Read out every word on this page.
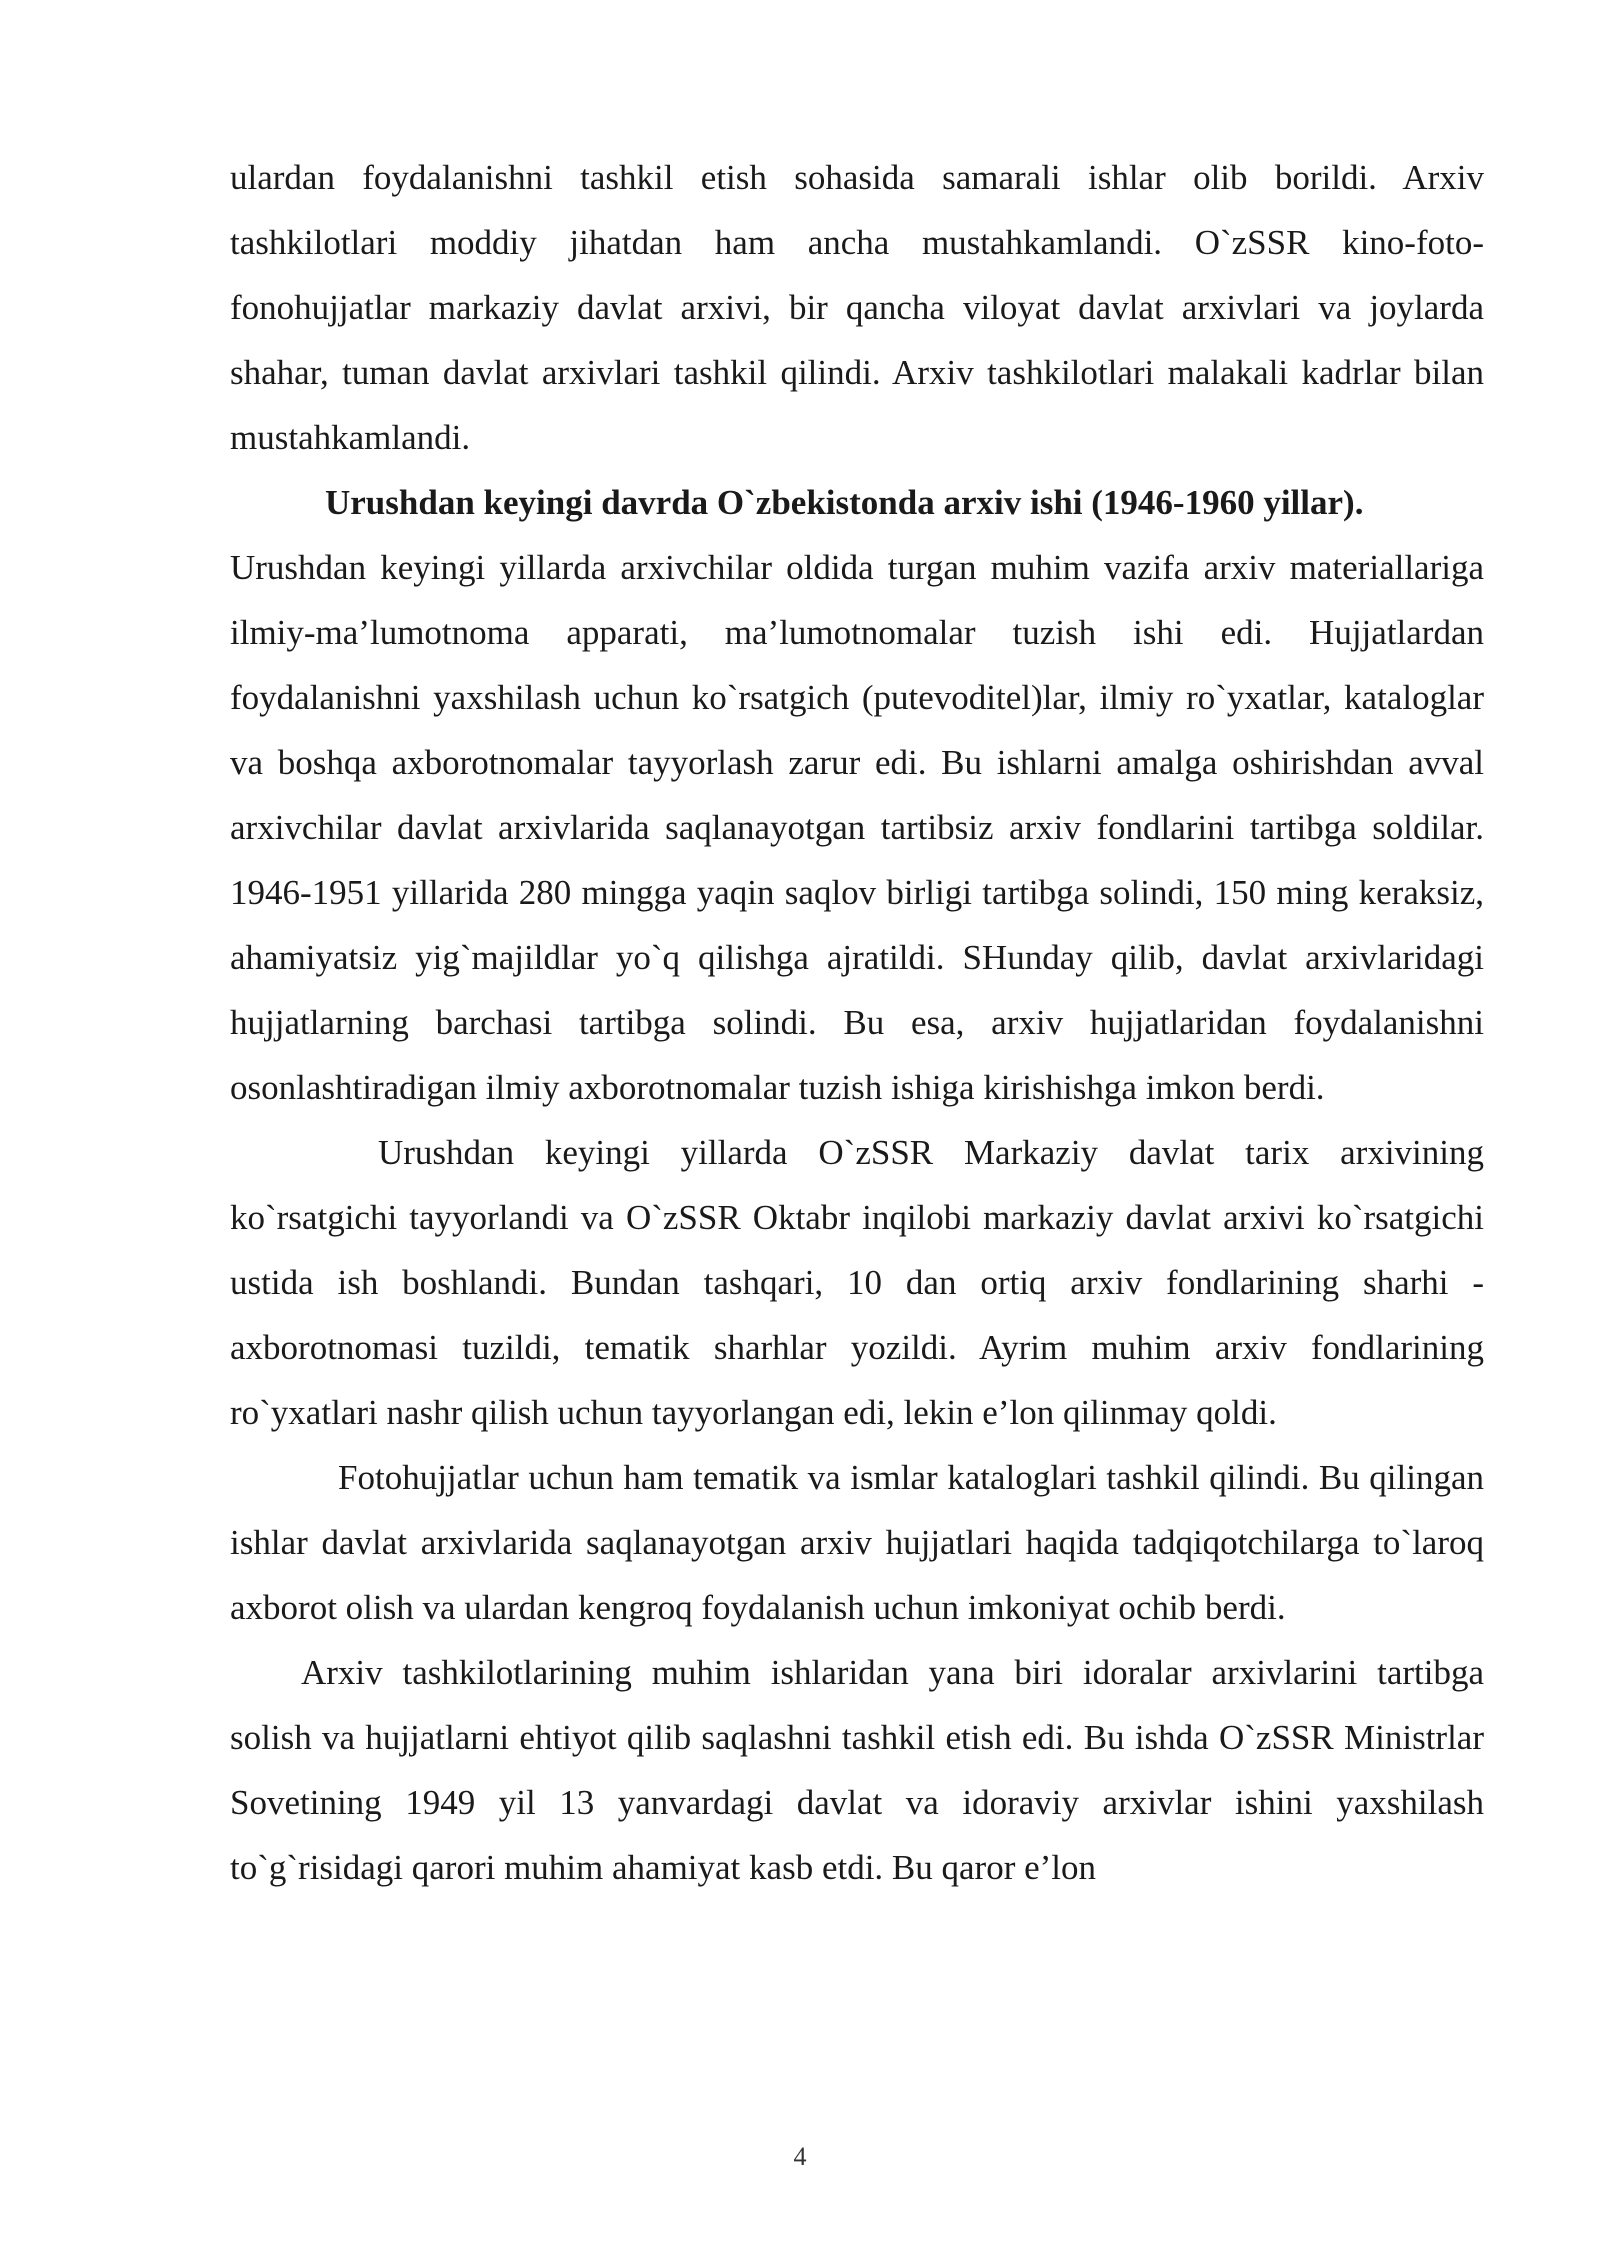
ulardan foydalanishni tashkil etish sohasida samarali ishlar olib borildi. Arxiv tashkilotlari moddiy jihatdan ham ancha mustahkamlandi. O`zSSR kino-foto-fonohujjatlar markaziy davlat arxivi, bir qancha viloyat davlat arxivlari va joylarda shahar, tuman davlat arxivlari tashkil qilindi. Arxiv tashkilotlari malakali kadrlar bilan mustahkamlandi.

Urushdan keyingi davrda O`zbekistonda arxiv ishi (1946-1960 yillar).

Urushdan keyingi yillarda arxivchilar oldida turgan muhim vazifa arxiv materiallariga ilmiy-ma’lumotnoma apparati, ma’lumotnomalar tuzish ishi edi. Hujjatlardan foydalanishni yaxshilash uchun ko`rsatgich (putevoditel)lar, ilmiy ro`yxatlar, kataloglar va boshqa axborotnomalar tayyorlash zarur edi. Bu ishlarni amalga oshirishdan avval arxivchilar davlat arxivlarida saqlanayotgan tartibsiz arxiv fondlarini tartibga soldilar. 1946-1951 yillarida 280 mingga yaqin saqlov birligi tartibga solindi, 150 ming keraksiz, ahamiyatsiz yig`majildlar yo`q qilishga ajratildi. SHunday qilib, davlat arxivlaridagi hujjatlarning barchasi tartibga solindi. Bu esa, arxiv hujjatlaridan foydalanishni osonlashtiradigan ilmiy axborotnomalar tuzish ishiga kirishishga imkon berdi.

Urushdan keyingi yillarda O`zSSR Markaziy davlat tarix arxivining ko`rsatgichi tayyorlandi va O`zSSR Oktabr inqilobi markaziy davlat arxivi ko`rsatgichi ustida ish boshlandi. Bundan tashqari, 10 dan ortiq arxiv fondlarining sharhi - axborotnomasi tuzildi, tematik sharhlar yozildi. Ayrim muhim arxiv fondlarining ro`yxatlari nashr qilish uchun tayyorlangan edi, lekin e’lon qilinmay qoldi.

Fotohujjatlar uchun ham tematik va ismlar kataloglari tashkil qilindi. Bu qilingan ishlar davlat arxivlarida saqlanayotgan arxiv hujjatlari haqida tadqiqotchilarga to`laroq axborot olish va ulardan kengroq foydalanish uchun imkoniyat ochib berdi.

Arxiv tashkilotlarining muhim ishlaridan yana biri idoralar arxivlarini tartibga solish va hujjatlarni ehtiyot qilib saqlashni tashkil etish edi. Bu ishda O`zSSR Ministrlar Sovetining 1949 yil 13 yanvardagi davlat va idoraviy arxivlar ishini yaxshilash to`g`risidagi qarori muhim ahamiyat kasb etdi. Bu qaror e’lon

4
